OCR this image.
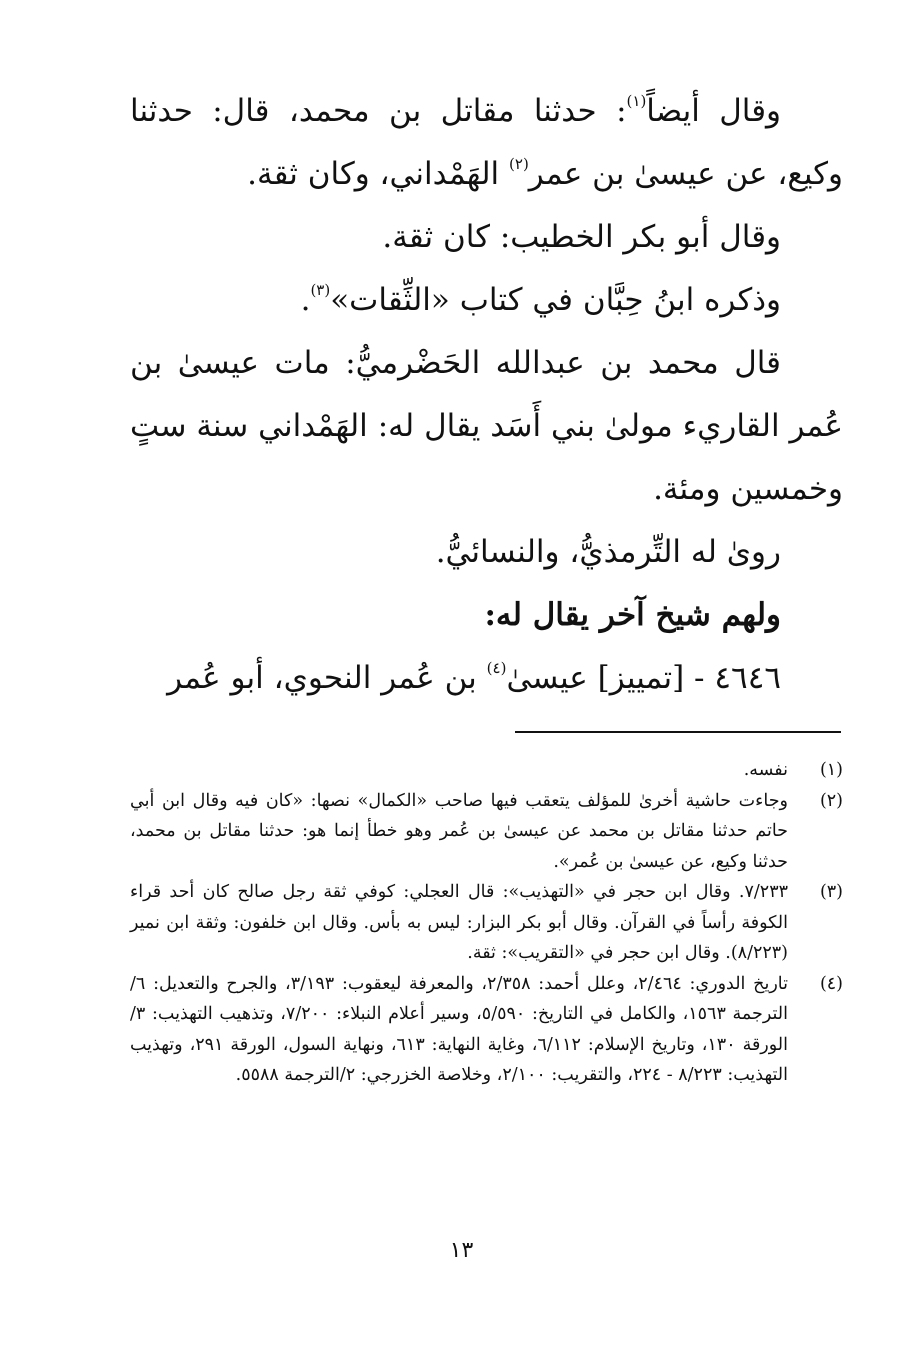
وقال أيضاً$^{(١)}$: حدثنا مقاتل بن محمد، قال: حدثنا وكيع، عن عيسىٰ بن عمر$^{(٢)}$ الهَمْداني، وكان ثقة.

وقال أبو بكر الخطيب: كان ثقة.

وذكره ابنُ حِبَّان في كتاب «الثِّقات»$^{(٣)}$.

قال محمد بن عبدالله الحَضْرميُّ: مات عيسىٰ بن عُمر القاريء مولىٰ بني أَسَد يقال له: الهَمْداني سنة ستٍ وخمسين ومئة.

روىٰ له التِّرمذيُّ، والنسائيُّ.

ولهم شيخ آخر يقال له:

٤٦٤٦ - [تمييز] عيسىٰ$^{(٤)}$ بن عُمر النحوي، أبو عُمر

(١)
نفسه.
(٢)
وجاءت حاشية أخرىٰ للمؤلف يتعقب فيها صاحب «الكمال» نصها: «كان فيه وقال ابن أبي حاتم حدثنا مقاتل بن محمد عن عيسىٰ بن عُمر وهو خطأ إنما هو: حدثنا مقاتل بن محمد، حدثنا وكيع، عن عيسىٰ بن عُمر».
(٣)
٧/٢٣٣. وقال ابن حجر في «التهذيب»: قال العجلي: كوفي ثقة رجل صالح كان أحد قراء الكوفة رأساً في القرآن. وقال أبو بكر البزار: ليس به بأس. وقال ابن خلفون: وثقة ابن نمير (٨/٢٢٣). وقال ابن حجر في «التقريب»: ثقة.
(٤)
تاريخ الدوري: ٢/٤٦٤، وعلل أحمد: ٢/٣٥٨، والمعرفة ليعقوب: ٣/١٩٣، والجرح والتعديل: ٦/الترجمة ١٥٦٣، والكامل في التاريخ: ٥/٥٩٠، وسير أعلام النبلاء: ٧/٢٠٠، وتذهيب التهذيب: ٣/الورقة ١٣٠، وتاريخ الإسلام: ٦/١١٢، وغاية النهاية: ٦١٣، ونهاية السول، الورقة ٢٩١، وتهذيب التهذيب: ٨/٢٢٣ - ٢٢٤، والتقريب: ٢/١٠٠، وخلاصة الخزرجي: ٢/الترجمة ٥٥٨٨.
١٣
